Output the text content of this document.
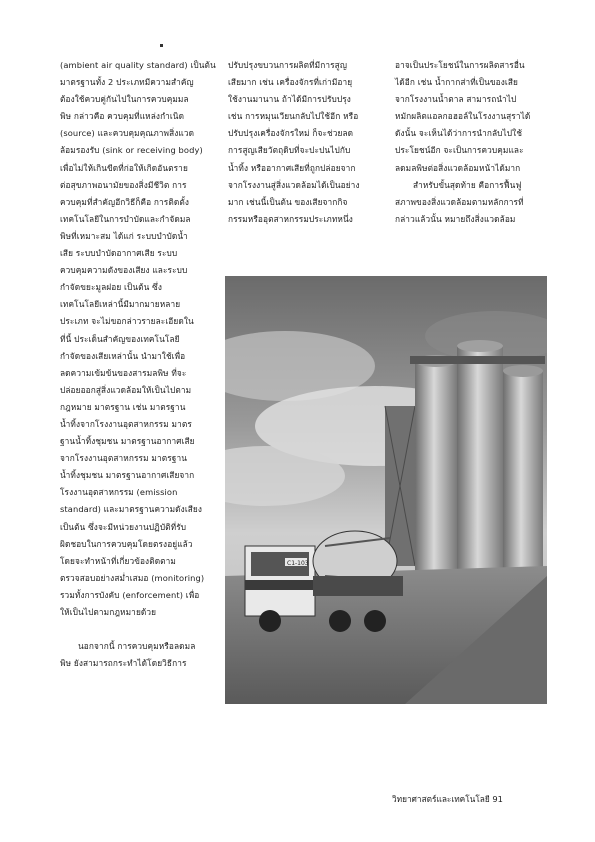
(ambient air quality standard) เป็นต้น

มาตรฐานทั้ง 2 ประเภทมีความสำคัญ

ต้องใช้ควบคู่กันไปในการควบคุมมล

พิษ กล่าวคือ ควบคุมที่แหล่งกำเนิด

(source) และควบคุมคุณภาพสิ่งแวด

ล้อมรองรับ (sink or receiving body)

เพื่อไม่ให้เกินขีดที่ก่อให้เกิดอันตราย

ต่อสุขภาพอนามัยของสิ่งมีชีวิต การ

ควบคุมที่สำคัญอีกวิธีก็คือ การติดตั้ง

เทคโนโลยีในการบำบัดและกำจัดมล

พิษที่เหมาะสม ได้แก่ ระบบบำบัดน้ำ

เสีย ระบบบำบัดอากาศเสีย ระบบ

ควบคุมความดังของเสียง และระบบ

กำจัดขยะมูลฝอย เป็นต้น ซึ่ง

เทคโนโลยีเหล่านี้มีมากมายหลาย

ประเภท จะไม่ขอกล่าวรายละเอียดใน

ที่นี้ ประเด็นสำคัญของเทคโนโลยี

กำจัดของเสียเหล่านั้น นำมาใช้เพื่อ

ลดความเข้มข้นของสารมลพิษ ที่จะ

ปล่อยออกสู่สิ่งแวดล้อมให้เป็นไปตาม

กฎหมาย มาตรฐาน เช่น มาตรฐาน

น้ำทิ้งจากโรงงานอุตสาหกรรม มาตร

ฐานน้ำทิ้งชุมชน มาตรฐานอากาศเสีย

จากโรงงานอุตสาหกรรม มาตรฐาน

น้ำทิ้งชุมชน มาตรฐานอากาศเสียจาก

โรงงานอุตสาหกรรม (emission

standard) และมาตรฐานความดังเสียง

เป็นต้น ซึ่งจะมีหน่วยงานปฏิบัติที่รับ

ผิดชอบในการควบคุมโดยตรงอยู่แล้ว

โดยจะทำหน้าที่เกี่ยวข้องติดตาม

ตรวจสอบอย่างสม่ำเสมอ (monitoring)

รวมทั้งการบังคับ (enforcement) เพื่อ

ให้เป็นไปตามกฎหมายด้วย

นอกจากนี้ การควบคุมหรือลดมล

พิษ ยังสามารถกระทำได้โดยวิธีการ

ปรับปรุงขบวนการผลิตที่มีการสูญ

เสียมาก เช่น เครื่องจักรที่เก่ามีอายุ

ใช้งานมานาน ถ้าได้มีการปรับปรุง

เช่น การหมุนเวียนกลับไปใช้อีก หรือ

ปรับปรุงเครื่องจักรใหม่ ก็จะช่วยลด

การสูญเสียวัตถุดิบที่จะปะปนไปกับ

น้ำทิ้ง หรืออากาศเสียที่ถูกปล่อยจาก

จากโรงงานสู่สิ่งแวดล้อมได้เป็นอย่าง

มาก เช่นนี้เป็นต้น ของเสียจากกิจ

กรรมหรืออุตสาหกรรมประเภทหนึ่ง

อาจเป็นประโยชน์ในการผลิตสารอื่น

ได้อีก เช่น น้ำกากส่าที่เป็นของเสีย

จากโรงงานน้ำตาล สามารถนำไป

หมักผลิตแอลกอฮอล์ในโรงงานสุราได้

ดังนั้น จะเห็นได้ว่าการนำกลับไปใช้

ประโยชน์อีก จะเป็นการควบคุมและ

ลดมลพิษต่อสิ่งแวดล้อมหน้าได้มาก

สำหรับขั้นสุดท้าย คือการฟื้นฟู

สภาพของสิ่งแวดล้อมตามหลักการที่

กล่าวแล้วนั้น หมายถึงสิ่งแวดล้อม

C1-103
วิทยาศาสตร์และเทคโนโลยี 91
